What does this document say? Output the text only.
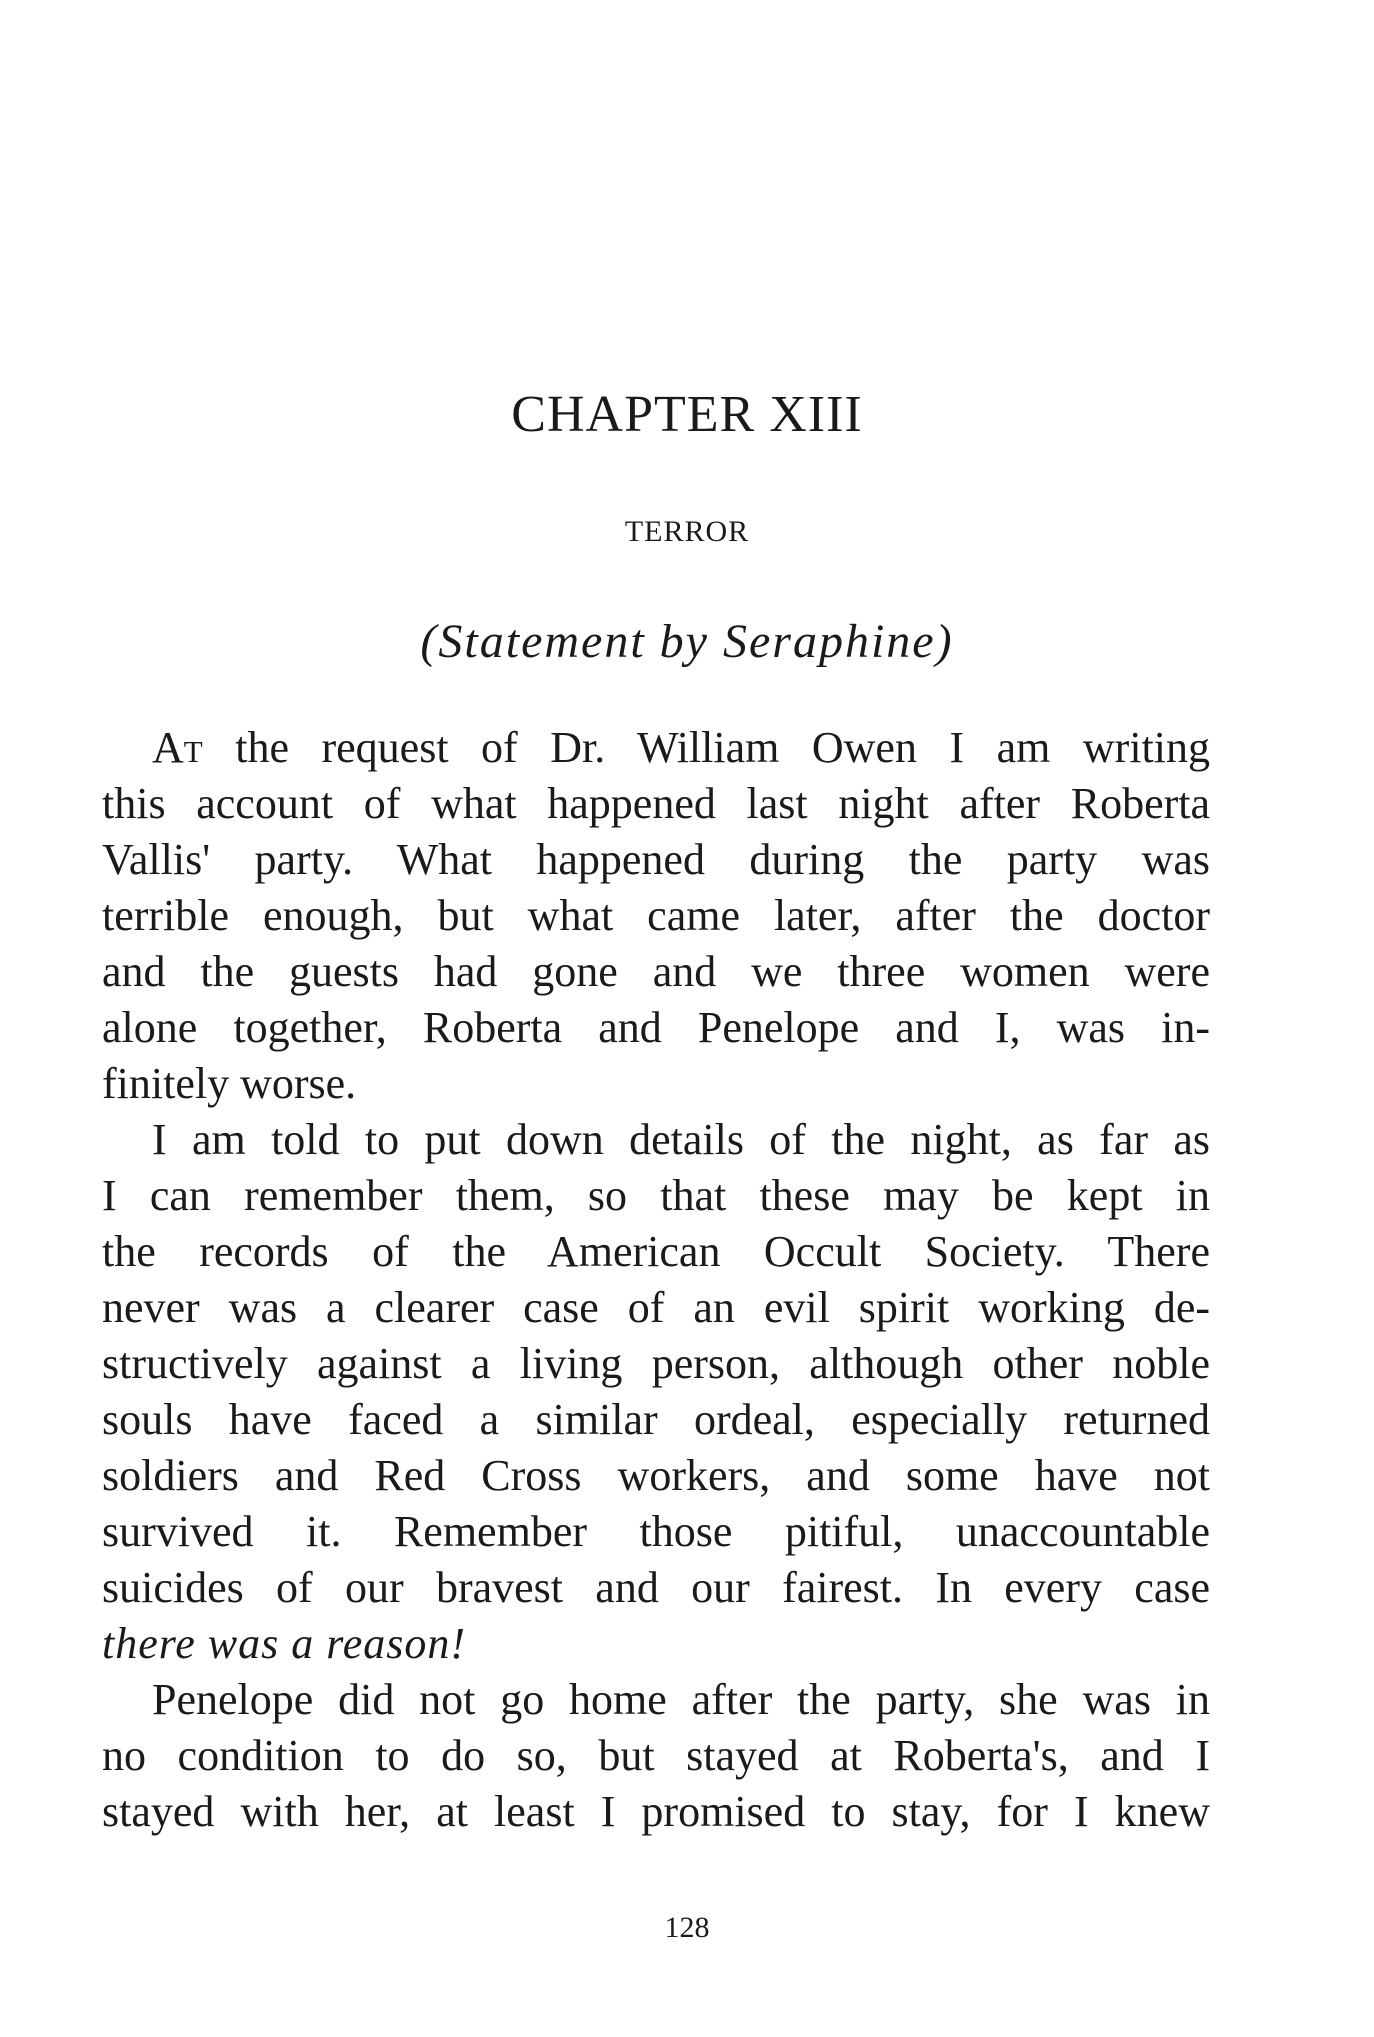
CHAPTER XIII
TERROR
(Statement by Seraphine)
At the request of Dr. William Owen I am writing
this account of what happened last night after Roberta
Vallis' party. What happened during the party was
terrible enough, but what came later, after the doctor
and the guests had gone and we three women were
alone together, Roberta and Penelope and I, was in-
finitely worse.
I am told to put down details of the night, as far as
I can remember them, so that these may be kept in
the records of the American Occult Society. There
never was a clearer case of an evil spirit working de-
structively against a living person, although other noble
souls have faced a similar ordeal, especially returned
soldiers and Red Cross workers, and some have not
survived it. Remember those pitiful, unaccountable
suicides of our bravest and our fairest. In every case
there was a reason!
Penelope did not go home after the party, she was in
no condition to do so, but stayed at Roberta's, and I
stayed with her, at least I promised to stay, for I knew
128
